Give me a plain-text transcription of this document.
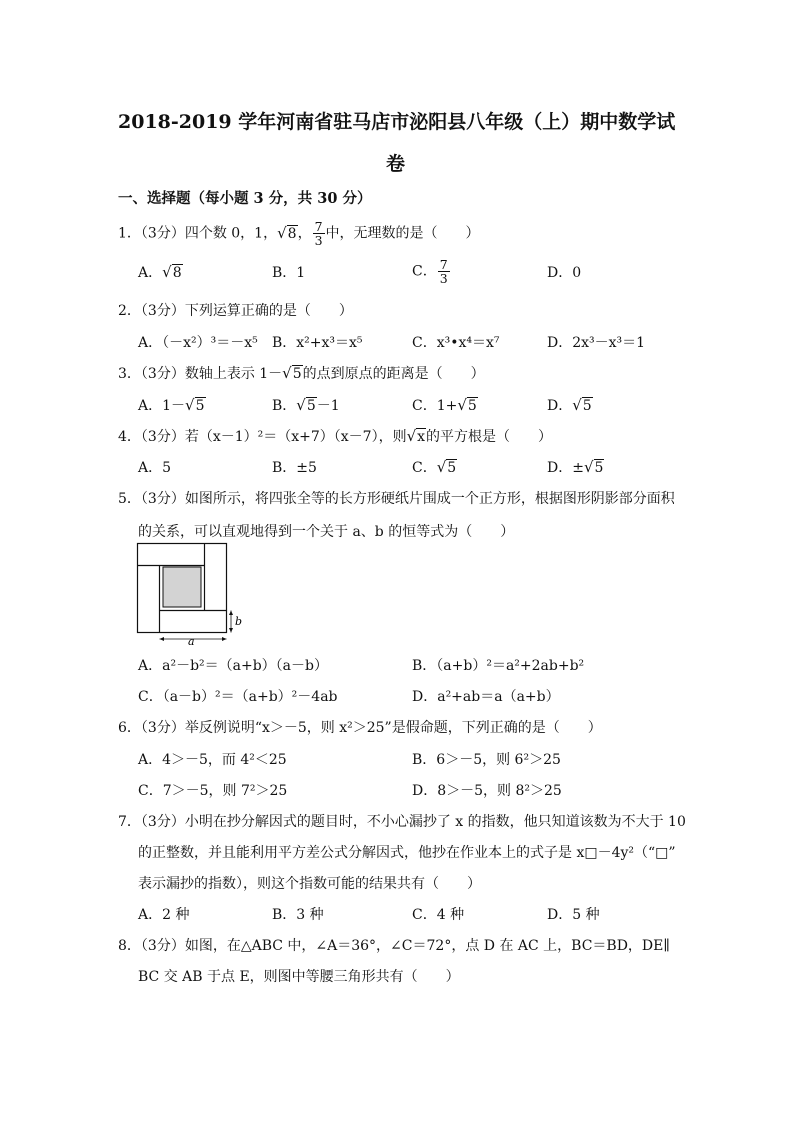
2018-2019 学年河南省驻马店市泌阳县八年级（上）期中数学试
卷
一、选择题（每小题 3 分，共 30 分）
1．（3分）四个数 0，1，√8， $\frac{7}{3}$ 中，无理数的是（　　）
A．√8	B．1	C． $\frac{7}{3}$	D．0
2．（3分）下列运算正确的是（　　）
A．（－x²）³＝－x⁵ B．x²+x³＝x⁵	C．x³•x⁴＝x⁷	D．2x³－x³＝1
3．（3分）数轴上表示 1－√5的点到原点的距离是（　　）
A．1－√5	B．√5－1	C．1+√5	D．√5
4．（3分）若（x－1）²＝（x+7）（x－7），则√x的平方根是（　　）
A．5	B．±5	C．√5	D．±√5
5．（3分）如图所示，将四张全等的长方形硬纸片围成一个正方形，根据图形阴影部分面积
的关系，可以直观地得到一个关于 a、b 的恒等式为（　　）
b
a
A．a²－b²＝（a+b）（a－b）	B．（a+b）²＝a²+2ab+b²
C．（a－b）²＝（a+b）²－4ab	D．a²+ab＝a（a+b）
6．（3分）举反例说明“x＞－5，则 x²＞25”是假命题，下列正确的是（　　）
A．4＞－5，而 4²＜25	B．6＞－5，则 6²＞25
C．7＞－5，则 7²＞25	D．8＞－5，则 8²＞25
7．（3分）小明在抄分解因式的题目时，不小心漏抄了 x 的指数，他只知道该数为不大于 10
的正整数，并且能利用平方差公式分解因式，他抄在作业本上的式子是 x□－4y²（“□”
表示漏抄的指数），则这个指数可能的结果共有（　　）
A．2 种	B．3 种	C．4 种	D．5 种
8．（3分）如图，在△ABC 中，∠A＝36°，∠C＝72°，点 D 在 AC 上，BC＝BD，DE∥
BC 交 AB 于点 E，则图中等腰三角形共有（　　）
